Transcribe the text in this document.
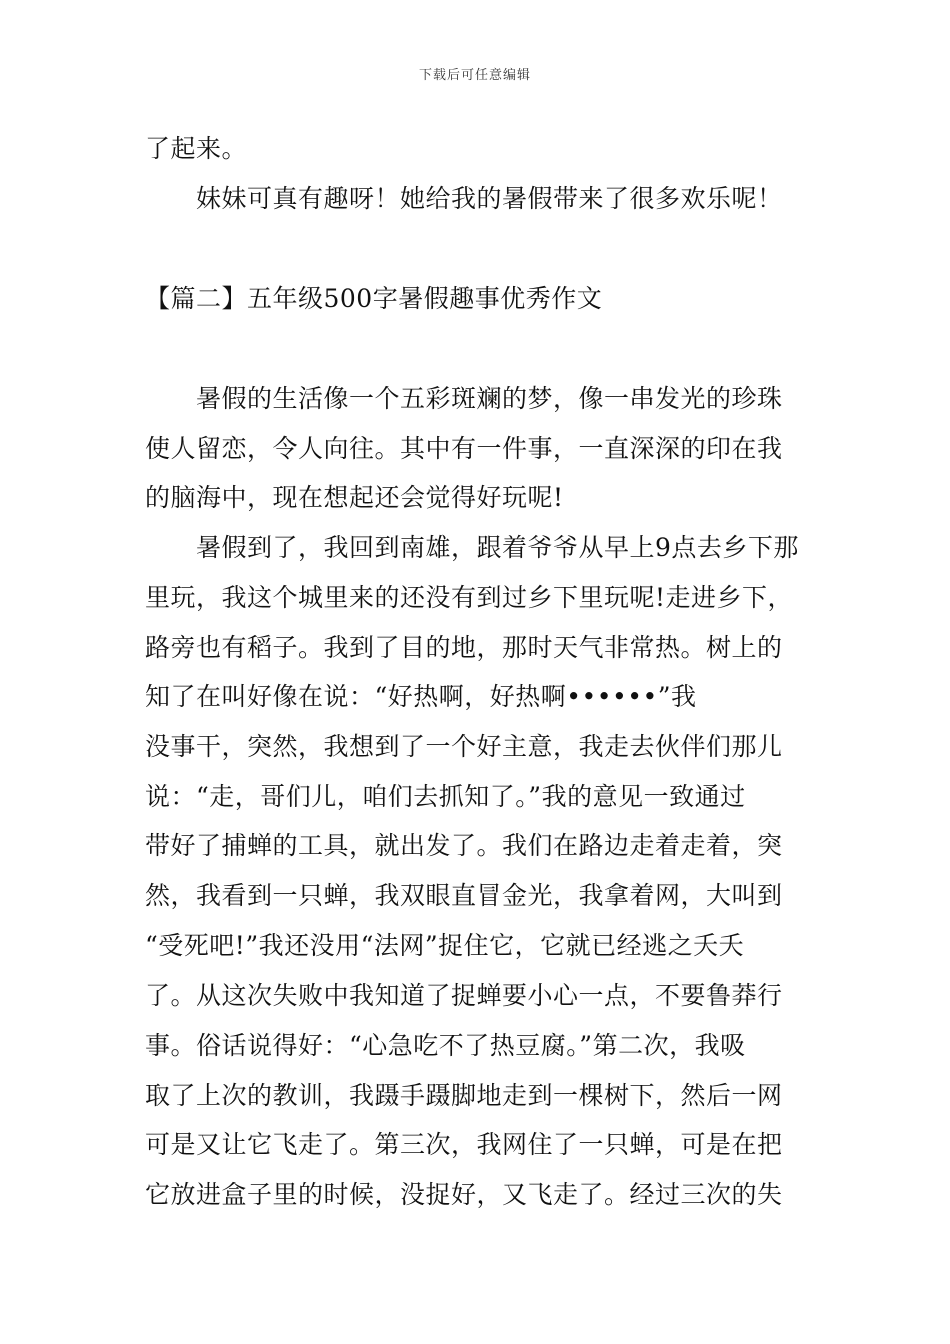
下载后可任意编辑
了起来。
妹妹可真有趣呀！她给我的暑假带来了很多欢乐呢！
【篇二】五年级500字暑假趣事优秀作文
暑假的生活像一个五彩斑斓的梦，像一串发光的珍珠
使人留恋，令人向往。其中有一件事，一直深深的印在我
的脑海中，现在想起还会觉得好玩呢!
暑假到了，我回到南雄，跟着爷爷从早上9点去乡下那
里玩，我这个城里来的还没有到过乡下里玩呢!走进乡下，
路旁也有稻子。我到了目的地，那时天气非常热。树上的
知了在叫好像在说：“好热啊，好热啊••••••”我
没事干，突然，我想到了一个好主意，我走去伙伴们那儿
说：“走，哥们儿，咱们去抓知了。”我的意见一致通过
带好了捕蝉的工具，就出发了。我们在路边走着走着，突
然，我看到一只蝉，我双眼直冒金光，我拿着网，大叫到
“受死吧!”我还没用“法网”捉住它，它就已经逃之夭夭
了。从这次失败中我知道了捉蝉要小心一点，不要鲁莽行
事。俗话说得好：“心急吃不了热豆腐。”第二次，我吸
取了上次的教训，我蹑手蹑脚地走到一棵树下，然后一网
可是又让它飞走了。第三次，我网住了一只蝉，可是在把
它放进盒子里的时候，没捉好，又飞走了。经过三次的失
